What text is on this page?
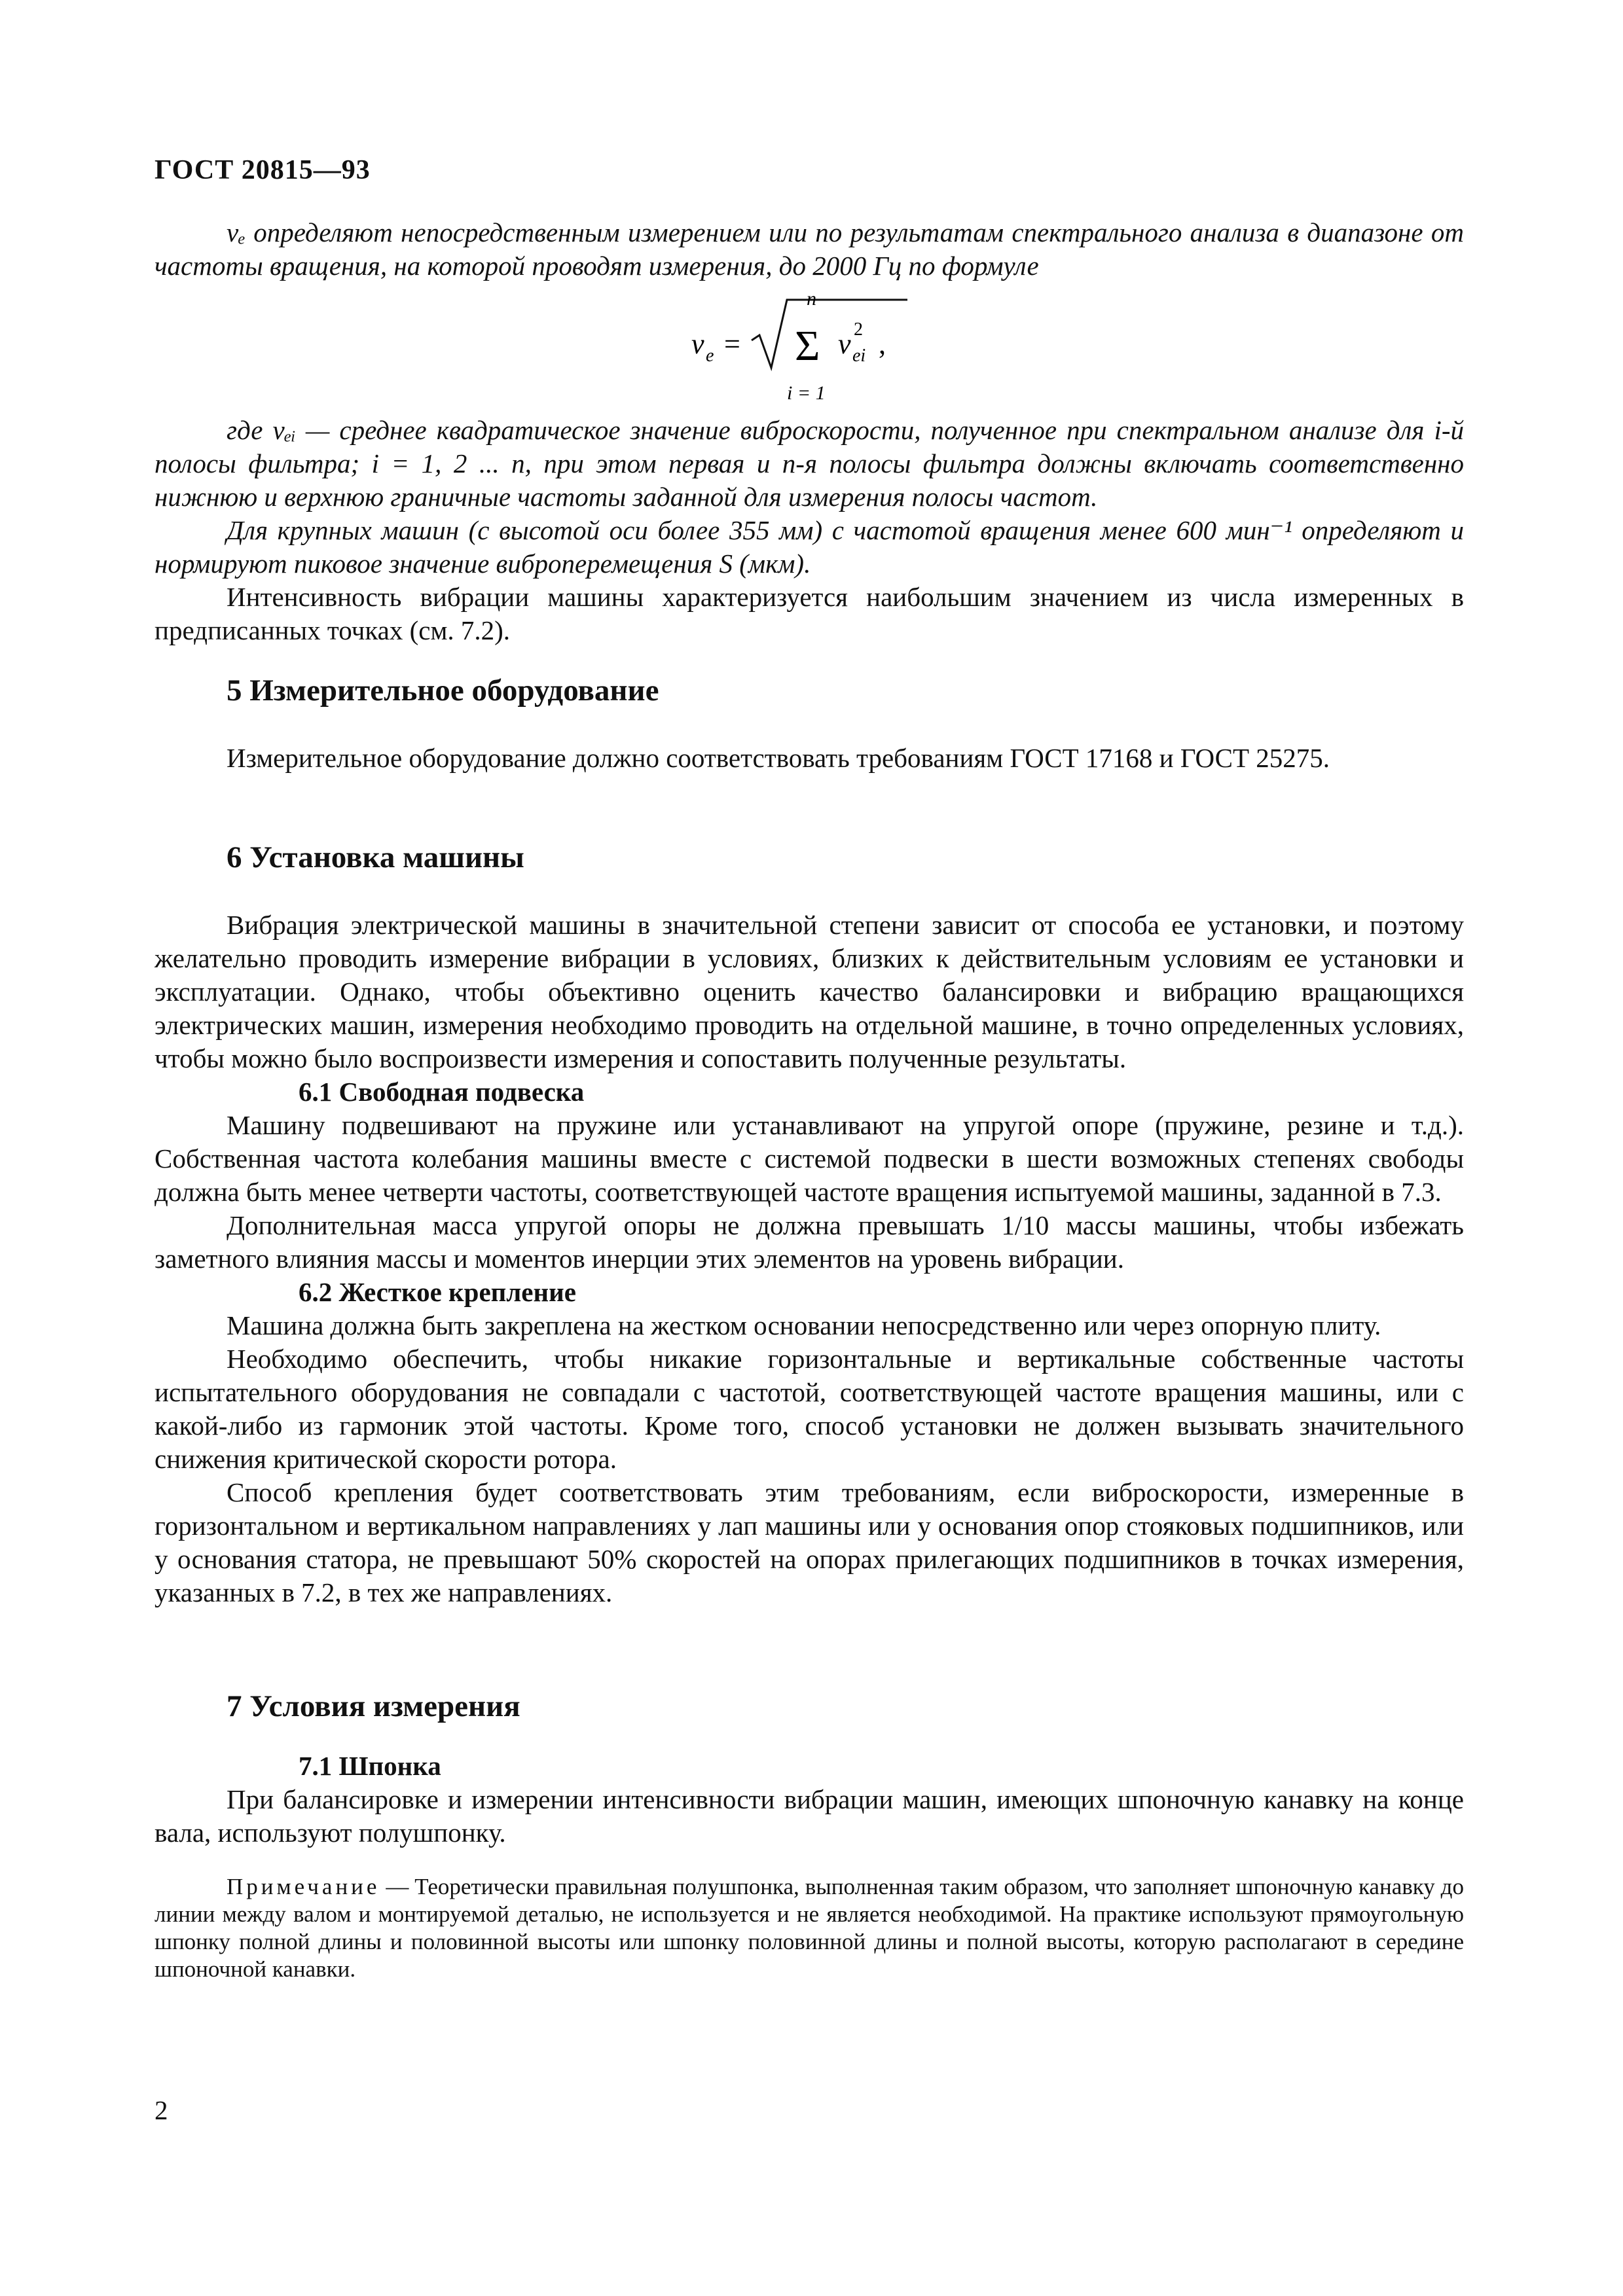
ГОСТ 20815—93

vₑ определяют непосредственным измерением или по результатам спектрального анализа в диапазоне от частоты вращения, на которой проводят измерения, до 2000 Гц по формуле

v e =
n
Σ
i = 1
v 2
ei ,

где vₑᵢ — среднее квадратическое значение виброскорости, полученное при спектральном анализе для i-й полосы фильтра; i = 1, 2 ... n, при этом первая и n-я полосы фильтра должны включать соответственно нижнюю и верхнюю граничные частоты заданной для измерения полосы частот.

Для крупных машин (с высотой оси более 355 мм) с частотой вращения менее 600 мин⁻¹ определяют и нормируют пиковое значение виброперемещения S (мкм).

Интенсивность вибрации машины характеризуется наибольшим значением из числа измеренных в предписанных точках (см. 7.2).

5 Измерительное оборудование

Измерительное оборудование должно соответствовать требованиям ГОСТ 17168 и ГОСТ 25275.

6 Установка машины

Вибрация электрической машины в значительной степени зависит от способа ее установки, и поэтому желательно проводить измерение вибрации в условиях, близких к действительным условиям ее установки и эксплуатации. Однако, чтобы объективно оценить качество балансировки и вибрацию вращающихся электрических машин, измерения необходимо проводить на отдельной машине, в точно определенных условиях, чтобы можно было воспроизвести измерения и сопоставить полученные результаты.

6.1 Свободная подвеска

Машину подвешивают на пружине или устанавливают на упругой опоре (пружине, резине и т.д.). Собственная частота колебания машины вместе с системой подвески в шести возможных степенях свободы должна быть менее четверти частоты, соответствующей частоте вращения испытуемой машины, заданной в 7.3.

Дополнительная масса упругой опоры не должна превышать 1/10 массы машины, чтобы избежать заметного влияния массы и моментов инерции этих элементов на уровень вибрации.

6.2 Жесткое крепление

Машина должна быть закреплена на жестком основании непосредственно или через опорную плиту.

Необходимо обеспечить, чтобы никакие горизонтальные и вертикальные собственные частоты испытательного оборудования не совпадали с частотой, соответствующей частоте вращения машины, или с какой-либо из гармоник этой частоты. Кроме того, способ установки не должен вызывать значительного снижения критической скорости ротора.

Способ крепления будет соответствовать этим требованиям, если виброскорости, измеренные в горизонтальном и вертикальном направлениях у лап машины или у основания опор стояковых подшипников, или у основания статора, не превышают 50% скоростей на опорах прилегающих подшипников в точках измерения, указанных в 7.2, в тех же направлениях.

7 Условия измерения

7.1 Шпонка

При балансировке и измерении интенсивности вибрации машин, имеющих шпоночную канавку на конце вала, используют полушпонку.

Примечание — Теоретически правильная полушпонка, выполненная таким образом, что заполняет шпоночную канавку до линии между валом и монтируемой деталью, не используется и не является необходимой. На практике используют прямоугольную шпонку полной длины и половинной высоты или шпонку половинной длины и полной высоты, которую располагают в середине шпоночной канавки.

2
